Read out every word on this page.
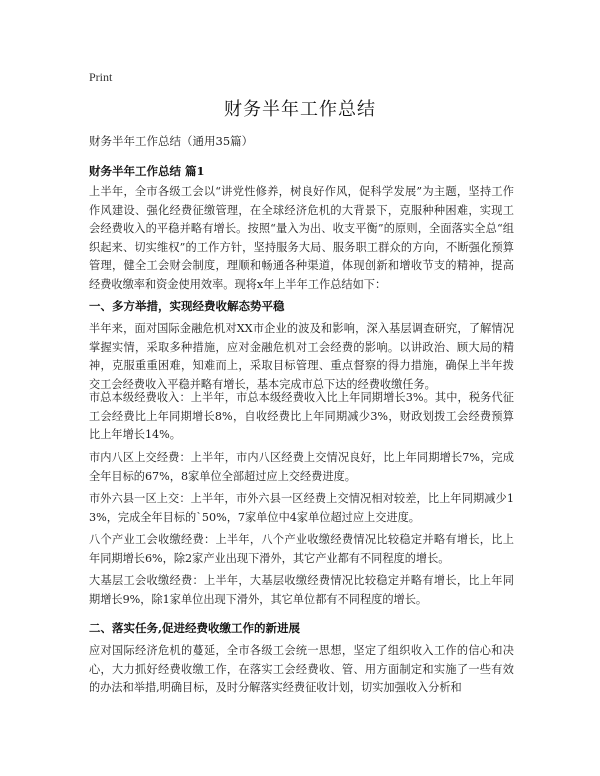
Print
财务半年工作总结
财务半年工作总结（通用35篇）
财务半年工作总结 篇1

上半年，全市各级工会以“讲党性修养，树良好作风，促科学发展”为主题，坚持工作作风建设、强化经费征缴管理，在全球经济危机的大背景下，克服种种困难，实现工会经费收入的平稳并略有增长。按照“量入为出、收支平衡”的原则，全面落实全总“组织起来、切实维权”的工作方针，坚持服务大局、服务职工群众的方向，不断强化预算管理，健全工会财会制度，理顺和畅通各种渠道，体现创新和增收节支的精神，提高经费收缴率和资金使用效率。现将x年上半年工作总结如下：

一、多方举措，实现经费收解态势平稳

半年来，面对国际金融危机对XX市企业的波及和影响，深入基层调查研究，了解情况掌握实情，采取多种措施，应对金融危机对工会经费的影响。以讲政治、顾大局的精神，克服重重困难，知难而上，采取目标管理、重点督察的得力措施，确保上半年拨交工会经费收入平稳并略有增长，基本完成市总下达的经费收缴任务。

市总本级经费收入：上半年，市总本级经费收入比上年同期增长3%。其中，税务代征工会经费比上年同期增长8%，自收经费比上年同期减少3%，财政划拨工会经费预算比上年增长14%。

市内八区上交经费：上半年，市内八区经费上交情况良好，比上年同期增长7%，完成全年目标的67%，8家单位全部超过应上交经费进度。

市外六县一区上交：上半年，市外六县一区经费上交情况相对较差，比上年同期减少13%，完成全年目标的`50%，7家单位中4家单位超过应上交进度。

八个产业工会收缴经费：上半年，八个产业收缴经费情况比较稳定并略有增长，比上年同期增长6%，除2家产业出现下滑外，其它产业都有不同程度的增长。

大基层工会收缴经费：上半年，大基层收缴经费情况比较稳定并略有增长，比上年同期增长9%，除1家单位出现下滑外，其它单位都有不同程度的增长。

二、落实任务,促进经费收缴工作的新进展

应对国际经济危机的蔓延，全市各级工会统一思想，坚定了组织收入工作的信心和决心，大力抓好经费收缴工作，在落实工会经费收、管、用方面制定和实施了一些有效的办法和举措,明确目标，及时分解落实经费征收计划，切实加强收入分析和
